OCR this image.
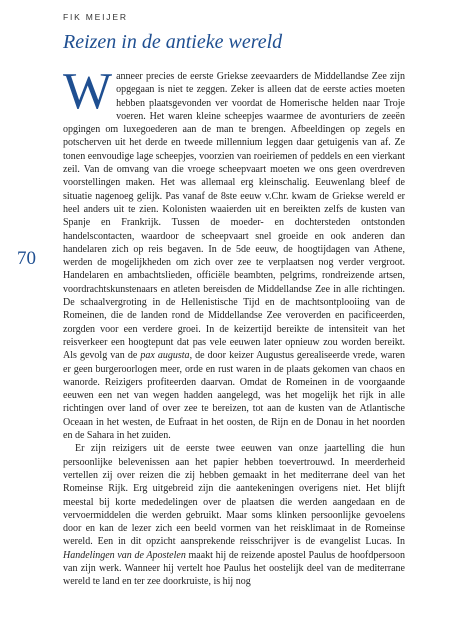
FIK MEIJER
Reizen in de antieke wereld
70

Wanneer precies de eerste Griekse zeevaarders de Middellandse Zee zijn opgegaan is niet te zeggen. Zeker is alleen dat de eerste acties moeten hebben plaatsgevonden ver voordat de Homerische helden naar Troje voeren. Het waren kleine scheepjes waarmee de avonturiers de zeeën opgingen om luxegoederen aan de man te brengen. Afbeeldingen op zegels en potscherven uit het derde en tweede millennium leggen daar getuigenis van af. Ze tonen eenvoudige lage scheepjes, voorzien van roeiriemen of peddels en een vierkant zeil. Van de omvang van die vroege scheepvaart moeten we ons geen overdreven voorstellingen maken. Het was allemaal erg kleinschalig. Eeuwenlang bleef de situatie nagenoeg gelijk. Pas vanaf de 8ste eeuw v.Chr. kwam de Griekse wereld er heel anders uit te zien. Kolonisten waaierden uit en bereikten zelfs de kusten van Spanje en Frankrijk. Tussen de moeder- en dochtersteden ontstonden handelscontacten, waardoor de scheepvaart snel groeide en ook anderen dan handelaren zich op reis begaven. In de 5de eeuw, de hoogtijdagen van Athene, werden de mogelijkheden om zich over zee te verplaatsen nog verder vergroot. Handelaren en ambachtslieden, officiële beambten, pelgrims, rondreizende artsen, voordrachtskunstenaars en atleten bereisden de Middellandse Zee in alle richtingen. De schaalvergroting in de Hellenistische Tijd en de machtsontplooiing van de Romeinen, die de landen rond de Middellandse Zee veroverden en pacificeerden, zorgden voor een verdere groei. In de keizertijd bereikte de intensiteit van het reisverkeer een hoogtepunt dat pas vele eeuwen later opnieuw zou worden bereikt. Als gevolg van de pax augusta, de door keizer Augustus gerealiseerde vrede, waren er geen burgeroorlogen meer, orde en rust waren in de plaats gekomen van chaos en wanorde. Reizigers profiteerden daarvan. Omdat de Romeinen in de voorgaande eeuwen een net van wegen hadden aangelegd, was het mogelijk het rijk in alle richtingen over land of over zee te bereizen, tot aan de kusten van de Atlantische Oceaan in het westen, de Eufraat in het oosten, de Rijn en de Donau in het noorden en de Sahara in het zuiden.

Er zijn reizigers uit de eerste twee eeuwen van onze jaartelling die hun persoonlijke belevenissen aan het papier hebben toevertrouwd. In meerderheid vertellen zij over reizen die zij hebben gemaakt in het mediterrane deel van het Romeinse Rijk. Erg uitgebreid zijn die aantekeningen overigens niet. Het blijft meestal bij korte mededelingen over de plaatsen die werden aangedaan en de vervoermiddelen die werden gebruikt. Maar soms klinken persoonlijke gevoelens door en kan de lezer zich een beeld vormen van het reisklimaat in de Romeinse wereld. Een in dit opzicht aansprekende reisschrijver is de evangelist Lucas. In Handelingen van de Apostelen maakt hij de reizende apostel Paulus de hoofdpersoon van zijn werk. Wanneer hij vertelt hoe Paulus het oostelijk deel van de mediterrane wereld te land en ter zee doorkruiste, is hij nog
